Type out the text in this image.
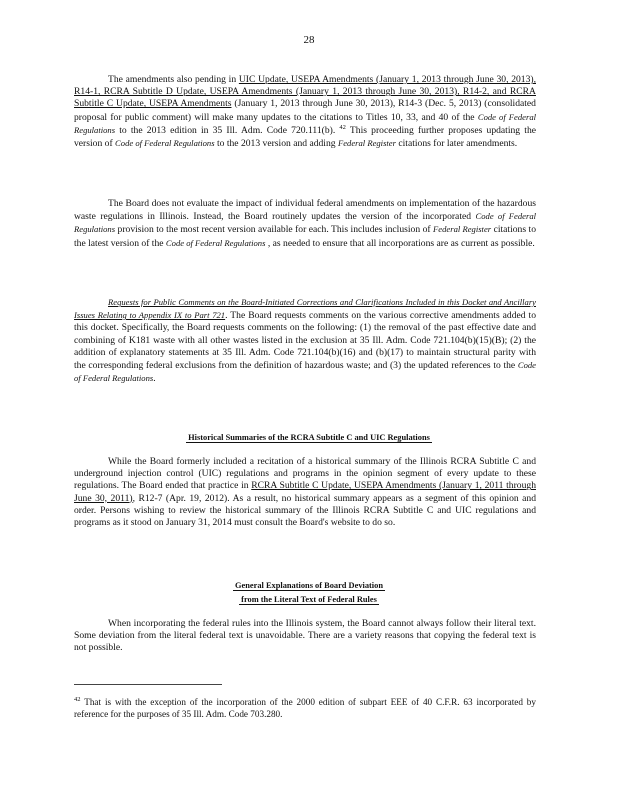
28
The amendments also pending in UIC Update, USEPA Amendments (January 1, 2013 through June 30, 2013), R14-1, RCRA Subtitle D Update, USEPA Amendments (January 1, 2013 through June 30, 2013), R14-2, and RCRA Subtitle C Update, USEPA Amendments (January 1, 2013 through June 30, 2013), R14-3 (Dec. 5, 2013) (consolidated proposal for public comment) will make many updates to the citations to Titles 10, 33, and 40 of the Code of Federal Regulations to the 2013 edition in 35 Ill. Adm. Code 720.111(b). $^{42}$ This proceeding further proposes updating the version of Code of Federal Regulations to the 2013 version and adding Federal Register citations for later amendments.
The Board does not evaluate the impact of individual federal amendments on implementation of the hazardous waste regulations in Illinois. Instead, the Board routinely updates the version of the incorporated Code of Federal Regulations provision to the most recent version available for each. This includes inclusion of Federal Register citations to the latest version of the Code of Federal Regulations , as needed to ensure that all incorporations are as current as possible.
Requests for Public Comments on the Board-Initiated Corrections and Clarifications Included in this Docket and Ancillary Issues Relating to Appendix IX to Part 721. The Board requests comments on the various corrective amendments added to this docket. Specifically, the Board requests comments on the following: (1) the removal of the past effective date and combining of K181 waste with all other wastes listed in the exclusion at 35 Ill. Adm. Code 721.104(b)(15)(B); (2) the addition of explanatory statements at 35 Ill. Adm. Code 721.104(b)(16) and (b)(17) to maintain structural parity with the corresponding federal exclusions from the definition of hazardous waste; and (3) the updated references to the Code of Federal Regulations.
Historical Summaries of the RCRA Subtitle C and UIC Regulations
While the Board formerly included a recitation of a historical summary of the Illinois RCRA Subtitle C and underground injection control (UIC) regulations and programs in the opinion segment of every update to these regulations. The Board ended that practice in RCRA Subtitle C Update, USEPA Amendments (January 1, 2011 through June 30, 2011), R12-7 (Apr. 19, 2012). As a result, no historical summary appears as a segment of this opinion and order. Persons wishing to review the historical summary of the Illinois RCRA Subtitle C and UIC regulations and programs as it stood on January 31, 2014 must consult the Board's website to do so.
General Explanations of Board Deviation
from the Literal Text of Federal Rules
When incorporating the federal rules into the Illinois system, the Board cannot always follow their literal text. Some deviation from the literal federal text is unavoidable. There are a variety reasons that copying the federal text is not possible.
$^{42}$ That is with the exception of the incorporation of the 2000 edition of subpart EEE of 40 C.F.R. 63 incorporated by reference for the purposes of 35 Ill. Adm. Code 703.280.
